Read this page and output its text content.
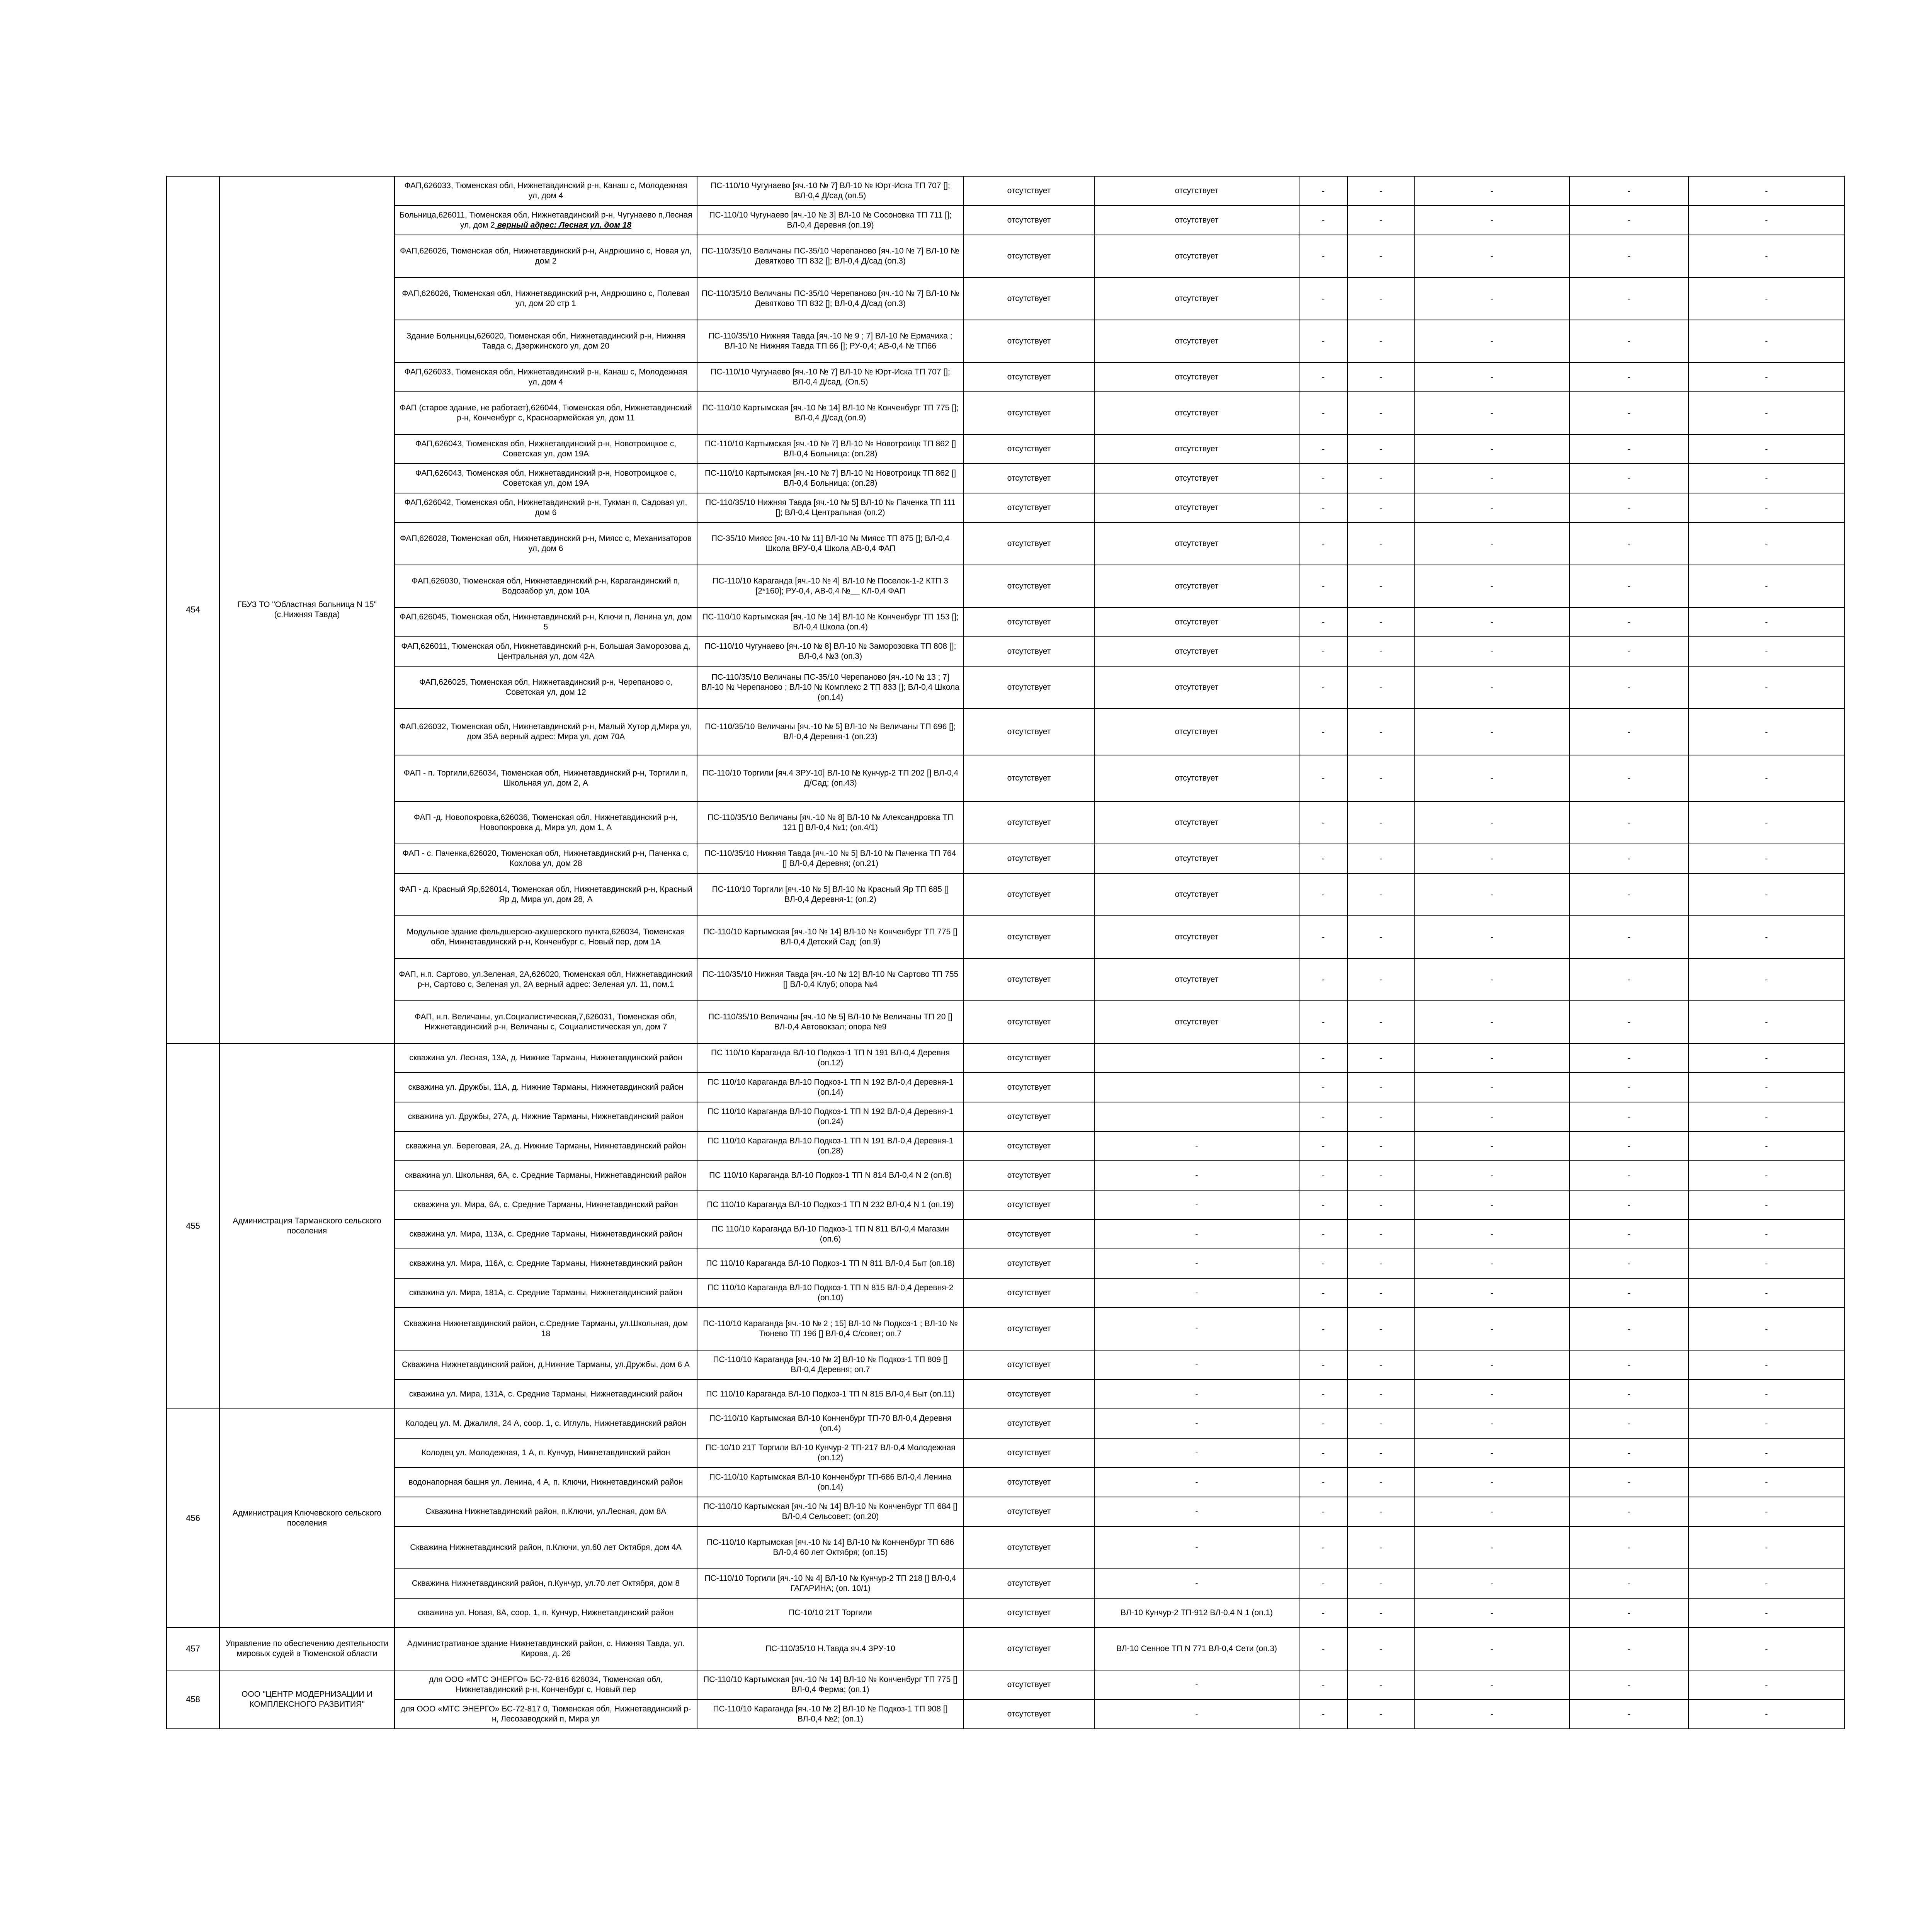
454	ГБУЗ ТО "Областная больница N 15" (с.Нижняя Тавда)	ФАП,626033, Тюменская обл, Нижнетавдинский р-н, Канаш с, Молодежная ул, дом 4	ПС-110/10 Чугунаево [яч.-10 № 7] ВЛ-10 № Юрт-Иска ТП 707 []; ВЛ-0,4 Д/сад (оп.5)	отсутствует	отсутствует	-	-	-	-	-
		Больница,626011, Тюменская обл, Нижнетавдинский р-н, Чугунаево п,Лесная ул, дом 2 верный адрес: Лесная ул. дом 18	ПС-110/10 Чугунаево [яч.-10 № 3] ВЛ-10 № Сосоновка ТП 711 []; ВЛ-0,4 Деревня (оп.19)	отсутствует	отсутствует	-	-	-	-	-
		ФАП,626026, Тюменская обл, Нижнетавдинский р-н, Андрюшино с, Новая ул, дом 2	ПС-110/35/10 Величаны ПС-35/10 Черепаново [яч.-10 № 7] ВЛ-10 № Девятково ТП 832 []; ВЛ-0,4 Д/сад (оп.3)	отсутствует	отсутствует	-	-	-	-	-
		ФАП,626026, Тюменская обл, Нижнетавдинский р-н, Андрюшино с, Полевая ул, дом 20 стр 1	ПС-110/35/10 Величаны ПС-35/10 Черепаново [яч.-10 № 7] ВЛ-10 № Девятково ТП 832 []; ВЛ-0,4 Д/сад (оп.3)	отсутствует	отсутствует	-	-	-	-	-
		Здание Больницы,626020, Тюменская обл, Нижнетавдинский р-н, Нижняя Тавда с, Дзержинского ул, дом 20	ПС-110/35/10 Нижняя Тавда [яч.-10 № 9 ; 7] ВЛ-10 № Ермачиха ; ВЛ-10 № Нижняя Тавда ТП 66 []; РУ-0,4; АВ-0,4 № ТП66	отсутствует	отсутствует	-	-	-	-	-
		ФАП,626033, Тюменская обл, Нижнетавдинский р-н, Канаш с, Молодежная ул, дом 4	ПС-110/10 Чугунаево [яч.-10 № 7] ВЛ-10 № Юрт-Иска ТП 707 []; ВЛ-0,4 Д/сад, (Оп.5)	отсутствует	отсутствует	-	-	-	-	-
		ФАП (старое здание, не работает),626044, Тюменская обл, Нижнетавдинский р-н, Конченбург с, Красноармейская ул, дом 11	ПС-110/10 Картымская [яч.-10 № 14] ВЛ-10 № Конченбург ТП 775 []; ВЛ-0,4 Д/сад (оп.9)	отсутствует	отсутствует	-	-	-	-	-
		ФАП,626043, Тюменская обл, Нижнетавдинский р-н, Новотроицкое с, Советская ул, дом 19А	ПС-110/10 Картымская [яч.-10 № 7] ВЛ-10 № Новотроицк ТП 862 [] ВЛ-0,4 Больница: (оп.28)	отсутствует	отсутствует	-	-	-	-	-
		ФАП,626043, Тюменская обл, Нижнетавдинский р-н, Новотроицкое с, Советская ул, дом 19А	ПС-110/10 Картымская [яч.-10 № 7] ВЛ-10 № Новотроицк ТП 862 [] ВЛ-0,4 Больница: (оп.28)	отсутствует	отсутствует	-	-	-	-	-
		ФАП,626042, Тюменская обл, Нижнетавдинский р-н, Тукман п, Садовая ул, дом 6	ПС-110/35/10 Нижняя Тавда [яч.-10 № 5] ВЛ-10 № Паченка ТП 111 []; ВЛ-0,4 Центральная (оп.2)	отсутствует	отсутствует	-	-	-	-	-
		ФАП,626028, Тюменская обл, Нижнетавдинский р-н, Миясс с, Механизаторов ул, дом 6	ПС-35/10 Миясс [яч.-10 № 11] ВЛ-10 № Миясс ТП 875 []; ВЛ-0,4 Школа ВРУ-0,4 Школа АВ-0,4 ФАП	отсутствует	отсутствует	-	-	-	-	-
		ФАП,626030, Тюменская обл, Нижнетавдинский р-н, Карагандинский п, Водозабор ул, дом 10А	ПС-110/10 Караганда [яч.-10 № 4] ВЛ-10 № Поселок-1-2 КТП 3 [2*160]; РУ-0,4, АВ-0,4 №__ КЛ-0,4 ФАП	отсутствует	отсутствует	-	-	-	-	-
		ФАП,626045, Тюменская обл, Нижнетавдинский р-н, Ключи п, Ленина ул, дом 5	ПС-110/10 Картымская [яч.-10 № 14] ВЛ-10 № Конченбург ТП 153 []; ВЛ-0,4 Школа (оп.4)	отсутствует	отсутствует	-	-	-	-	-
		ФАП,626011, Тюменская обл, Нижнетавдинский р-н, Большая Заморозова д, Центральная ул, дом 42А	ПС-110/10 Чугунаево [яч.-10 № 8] ВЛ-10 № Заморозовка ТП 808 []; ВЛ-0,4 №3 (оп.3)	отсутствует	отсутствует	-	-	-	-	-
		ФАП,626025, Тюменская обл, Нижнетавдинский р-н, Черепаново с, Советская ул, дом 12	ПС-110/35/10 Величаны ПС-35/10 Черепаново [яч.-10 № 13 ; 7] ВЛ-10 № Черепаново ; ВЛ-10 № Комплекс 2 ТП 833 []; ВЛ-0,4 Школа (оп.14)	отсутствует	отсутствует	-	-	-	-	-
		ФАП,626032, Тюменская обл, Нижнетавдинский р-н, Малый Хутор д,Мира ул, дом 35А верный адрес: Мира ул, дом 70А	ПС-110/35/10 Величаны [яч.-10 № 5] ВЛ-10 № Величаны ТП 696 []; ВЛ-0,4 Деревня-1 (оп.23)	отсутствует	отсутствует	-	-	-	-	-
		ФАП - п. Торгили,626034, Тюменская обл, Нижнетавдинский р-н, Торгили п, Школьная ул, дом 2, А	ПС-110/10 Торгили [яч.4 ЗРУ-10] ВЛ-10 № Кунчур-2 ТП 202 [] ВЛ-0,4 Д/Сад; (оп.43)	отсутствует	отсутствует	-	-	-	-	-
		ФАП -д. Новопокровка,626036, Тюменская обл, Нижнетавдинский р-н, Новопокровка д, Мира ул, дом 1, А	ПС-110/35/10 Величаны [яч.-10 № 8] ВЛ-10 № Александровка ТП 121 [] ВЛ-0,4 №1; (оп.4/1)	отсутствует	отсутствует	-	-	-	-	-
		ФАП - с. Паченка,626020, Тюменская обл, Нижнетавдинский р-н, Паченка с, Кохлова ул, дом 28	ПС-110/35/10 Нижняя Тавда [яч.-10 № 5] ВЛ-10 № Паченка ТП 764 [] ВЛ-0,4 Деревня; (оп.21)	отсутствует	отсутствует	-	-	-	-	-
		ФАП - д. Красный Яр,626014, Тюменская обл, Нижнетавдинский р-н, Красный Яр д, Мира ул, дом 28, А	ПС-110/10 Торгили [яч.-10 № 5] ВЛ-10 № Красный Яр ТП 685 [] ВЛ-0,4 Деревня-1; (оп.2)	отсутствует	отсутствует	-	-	-	-	-
		Модульное здание фельдшерско-акушерского пункта,626034, Тюменская обл, Нижнетавдинский р-н, Конченбург с, Новый пер, дом 1А	ПС-110/10 Картымская [яч.-10 № 14] ВЛ-10 № Конченбург ТП 775 [] ВЛ-0,4 Детский Сад; (оп.9)	отсутствует	отсутствует	-	-	-	-	-
		ФАП, н.п. Сартово, ул.Зеленая, 2А,626020, Тюменская обл, Нижнетавдинский р-н, Сартово с, Зеленая ул, 2А верный адрес: Зеленая ул. 11, пом.1	ПС-110/35/10 Нижняя Тавда [яч.-10 № 12] ВЛ-10 № Сартово ТП 755 [] ВЛ-0,4 Клуб; опора №4	отсутствует	отсутствует	-	-	-	-	-
		ФАП, н.п. Величаны, ул.Социалистическая,7,626031, Тюменская обл, Нижнетавдинский р-н, Величаны с, Социалистическая ул, дом 7	ПС-110/35/10 Величаны [яч.-10 № 5] ВЛ-10 № Величаны ТП 20 [] ВЛ-0,4 Автовокзал; опора №9	отсутствует	отсутствует	-	-	-	-	-
455	Администрация Тарманского сельского поселения	скважина ул. Лесная, 13А, д. Нижние Тарманы, Нижнетавдинский район	ПС 110/10 Караганда ВЛ-10 Подкоз-1 ТП N 191 ВЛ-0,4 Деревня (оп.12)	отсутствует		-	-	-	-	-
		скважина ул. Дружбы, 11А, д. Нижние Тарманы, Нижнетавдинский район	ПС 110/10 Караганда ВЛ-10 Подкоз-1 ТП N 192 ВЛ-0,4 Деревня-1 (оп.14)	отсутствует		-	-	-	-	-
		скважина ул. Дружбы, 27А, д. Нижние Тарманы, Нижнетавдинский район	ПС 110/10 Караганда ВЛ-10 Подкоз-1 ТП N 192 ВЛ-0,4 Деревня-1 (оп.24)	отсутствует		-	-	-	-	-
		скважина ул. Береговая, 2А, д. Нижние Тарманы, Нижнетавдинский район	ПС 110/10 Караганда ВЛ-10 Подкоз-1 ТП N 191 ВЛ-0,4 Деревня-1 (оп.28)	отсутствует	-	-	-	-	-	-
		скважина ул. Школьная, 6А, с. Средние Тарманы, Нижнетавдинский район	ПС 110/10 Караганда ВЛ-10 Подкоз-1 ТП N 814 ВЛ-0,4 N 2 (оп.8)	отсутствует	-	-	-	-	-	-
		скважина ул. Мира, 6А, с. Средние Тарманы, Нижнетавдинский район	ПС 110/10 Караганда ВЛ-10 Подкоз-1 ТП N 232 ВЛ-0,4 N 1 (оп.19)	отсутствует	-	-	-	-	-	-
		скважина ул. Мира, 113А, с. Средние Тарманы, Нижнетавдинский район	ПС 110/10 Караганда ВЛ-10 Подкоз-1 ТП N 811 ВЛ-0,4 Магазин (оп.6)	отсутствует	-	-	-	-	-	-
		скважина ул. Мира, 116А, с. Средние Тарманы, Нижнетавдинский район	ПС 110/10 Караганда ВЛ-10 Подкоз-1 ТП N 811 ВЛ-0,4 Быт (оп.18)	отсутствует	-	-	-	-	-	-
		скважина ул. Мира, 181А, с. Средние Тарманы, Нижнетавдинский район	ПС 110/10 Караганда ВЛ-10 Подкоз-1 ТП N 815 ВЛ-0,4 Деревня-2 (оп.10)	отсутствует	-	-	-	-	-	-
		Скважина Нижнетавдинский район, с.Средние Тарманы, ул.Школьная, дом 18	ПС-110/10 Караганда [яч.-10 № 2 ; 15] ВЛ-10 № Подкоз-1 ; ВЛ-10 № Тюнево ТП 196 [] ВЛ-0,4 С/совет; оп.7	отсутствует	-	-	-	-	-	-
		Скважина Нижнетавдинский район, д.Нижние Тарманы, ул.Дружбы, дом 6 А	ПС-110/10 Караганда [яч.-10 № 2] ВЛ-10 № Подкоз-1 ТП 809 [] ВЛ-0,4 Деревня; оп.7	отсутствует	-	-	-	-	-	-
		скважина ул. Мира, 131А, с. Средние Тарманы, Нижнетавдинский район	ПС 110/10 Караганда ВЛ-10 Подкоз-1 ТП N 815 ВЛ-0,4 Быт (оп.11)	отсутствует	-	-	-	-	-	-
456	Администрация Ключевского сельского поселения	Колодец ул. М. Джалиля, 24 А, соор. 1, с. Иглуль, Нижнетавдинский район	ПС-110/10 Картымская ВЛ-10 Конченбург ТП-70 ВЛ-0,4 Деревня (оп.4)	отсутствует	-	-	-	-	-	-
		Колодец ул. Молодежная, 1 А, п. Кунчур, Нижнетавдинский район	ПС-10/10 21Т Торгили ВЛ-10 Кунчур-2 ТП-217 ВЛ-0,4 Молодежная (оп.12)	отсутствует	-	-	-	-	-	-
		водонапорная башня ул. Ленина, 4 А, п. Ключи, Нижнетавдинский район	ПС-110/10 Картымская ВЛ-10 Конченбург ТП-686 ВЛ-0,4 Ленина (оп.14)	отсутствует	-	-	-	-	-	-
		Скважина Нижнетавдинский район, п.Ключи, ул.Лесная, дом 8А	ПС-110/10 Картымская [яч.-10 № 14] ВЛ-10 № Конченбург ТП 684 [] ВЛ-0,4 Сельсовет; (оп.20)	отсутствует	-	-	-	-	-	-
		Скважина Нижнетавдинский район, п.Ключи, ул.60 лет Октября, дом 4А	ПС-110/10 Картымская [яч.-10 № 14] ВЛ-10 № Конченбург ТП 686 ВЛ-0,4 60 лет Октября; (оп.15)	отсутствует	-	-	-	-	-	-
		Скважина Нижнетавдинский район, п.Кунчур, ул.70 лет Октября, дом 8	ПС-110/10 Торгили [яч.-10 № 4] ВЛ-10 № Кунчур-2 ТП 218 [] ВЛ-0,4 ГАГАРИНА; (оп. 10/1)	отсутствует	-	-	-	-	-	-
		скважина ул. Новая, 8А, соор. 1, п. Кунчур, Нижнетавдинский район	ПС-10/10 21Т Торгили	отсутствует	ВЛ-10 Кунчур-2 ТП-912 ВЛ-0,4 N 1 (оп.1)	-	-	-	-	-
457	Управление по обеспечению деятельности мировых судей в Тюменской области	Административное здание Нижнетавдинский район, с. Нижняя Тавда, ул. Кирова, д. 26	ПС-110/35/10 Н.Тавда яч.4 ЗРУ-10	отсутствует	ВЛ-10 Сенное ТП N 771 ВЛ-0,4 Сети (оп.3)	-	-	-	-	-
458	ООО "ЦЕНТР МОДЕРНИЗАЦИИ И КОМПЛЕКСНОГО РАЗВИТИЯ"	для ООО «МТС ЭНЕРГО» БС-72-816 626034, Тюменская обл, Нижнетавдинский р-н, Конченбург с, Новый пер	ПС-110/10 Картымская [яч.-10 № 14] ВЛ-10 № Конченбург ТП 775 [] ВЛ-0,4 Ферма; (оп.1)	отсутствует	-	-	-	-	-	-
		для ООО «МТС ЭНЕРГО» БС-72-817 0, Тюменская обл, Нижнетавдинский р-н, Лесозаводский п, Мира ул	ПС-110/10 Караганда [яч.-10 № 2] ВЛ-10 № Подкоз-1 ТП 908 [] ВЛ-0,4 №2; (оп.1)	отсутствует	-	-	-	-	-	-
